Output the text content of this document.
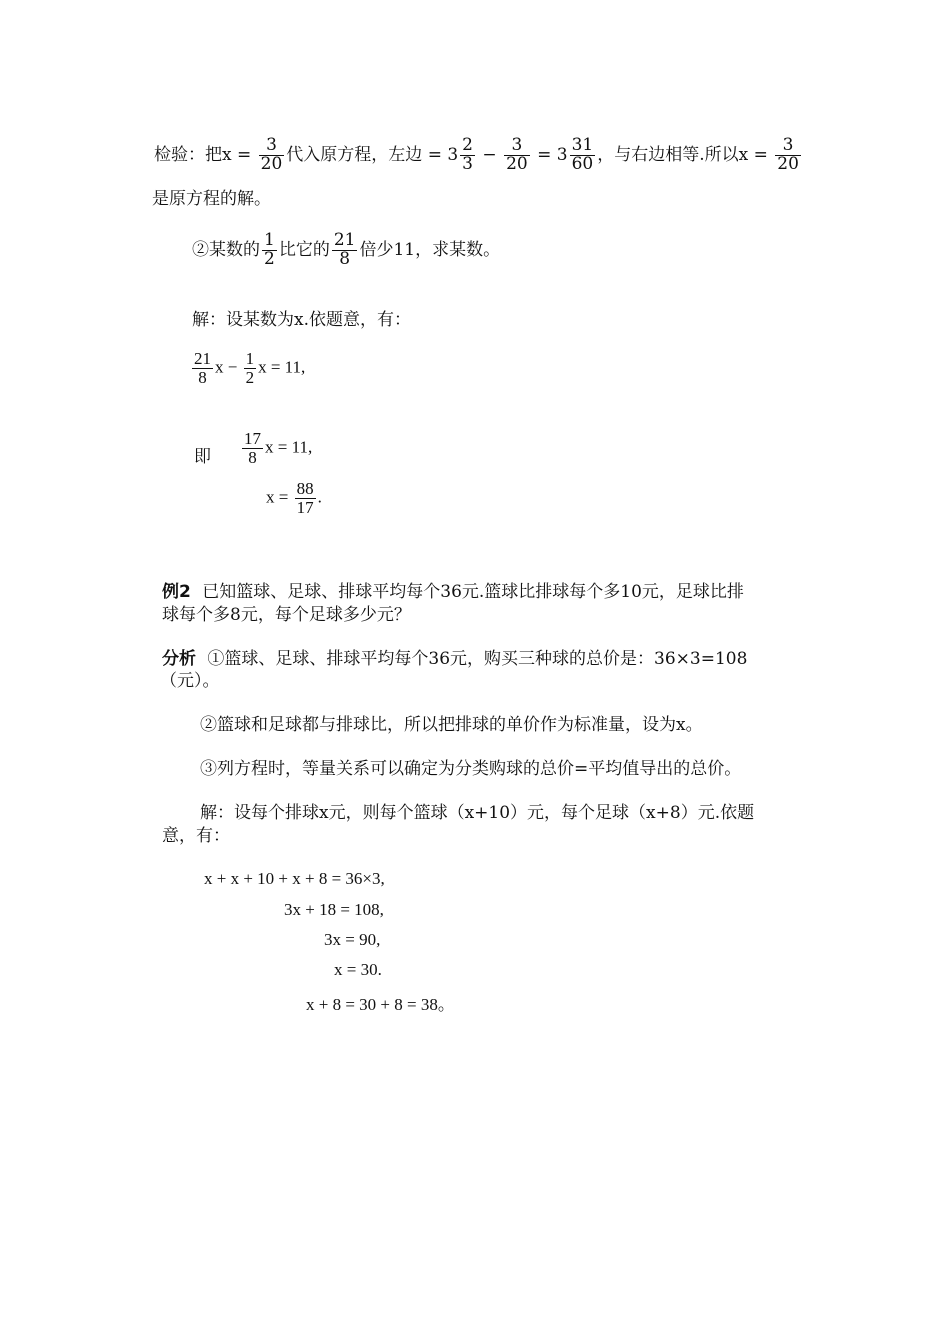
检验：把$x = \frac{3}{20}$ 代入原方程，左边 = $3 \frac{2}{3} - \frac{3}{20} = 3 \frac{31}{60}$ ，与右边相等.所以$x = \frac{3}{20}$
是原方程的解。
②某数的 $\frac{1}{2}$ 比它的 $\frac{21}{8}$ 倍少11，求某数。
解：设某数为x.依题意，有：
$\frac{21}{8}$ $x - \frac{1}{2}$ x = 11,
即 $\frac{17}{8}$ x = 11,
$x = \frac{88}{17}$ .
例2 已知篮球、足球、排球平均每个36元.篮球比排球每个多10元，足球比排
球每个多8元，每个足球多少元？
分析 ①篮球、足球、排球平均每个36元，购买三种球的总价是：36×3=108
（元）。
②篮球和足球都与排球比，所以把排球的单价作为标准量，设为x。
③列方程时，等量关系可以确定为分类购球的总价=平均值导出的总价。
解：设每个排球x元，则每个篮球（x+10）元，每个足球（x+8）元.依题
意，有：
x + x + 10 + x + 8 = 36×3,
3x + 18 = 108,
3x = 90,
x = 30.
x + 8 = 30 + 8 = 38。
